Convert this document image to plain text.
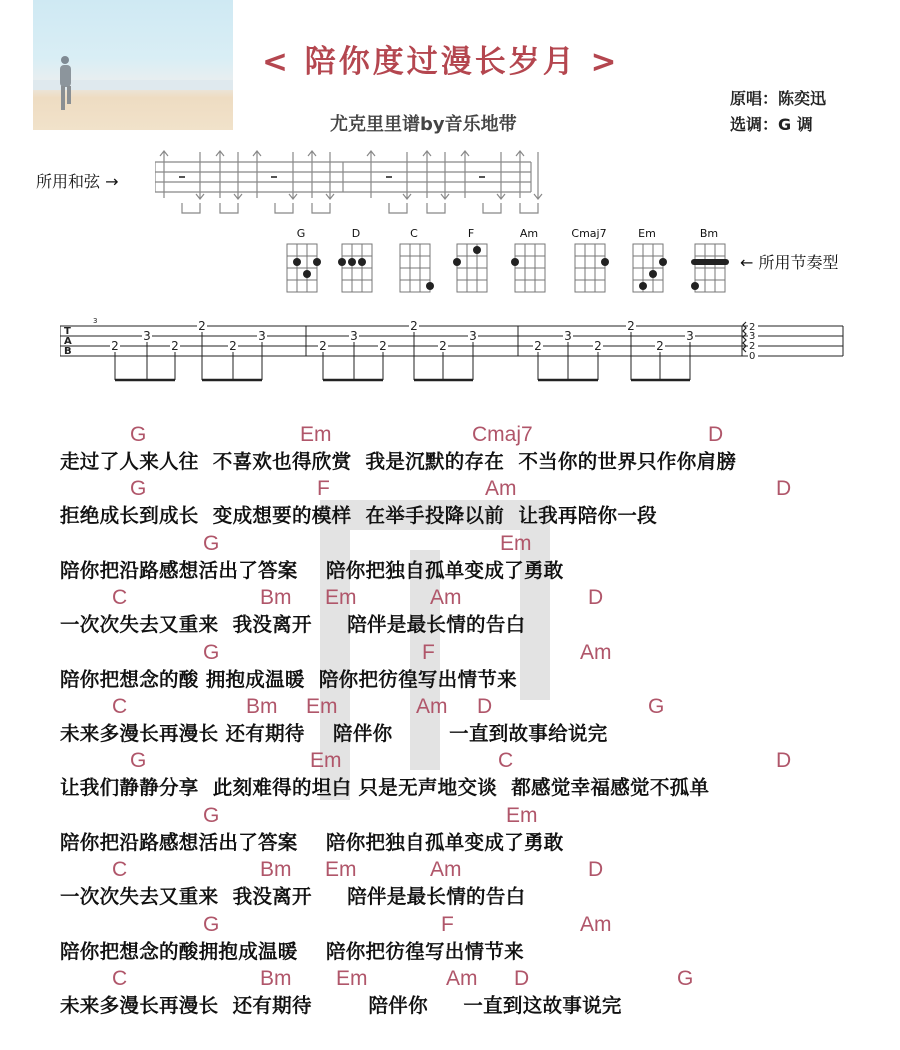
< 陪你度过漫长岁月 >
尤克里里谱by音乐地带
原唱：陈奕迅
选调：G 调
所用和弦 →
← 所用节奏型
G	D	C	F	Am	Cmaj7	Em	Bm
T
A
B
3
2
3
2
2
2
3
2
3
2
2
2
3
2
3
2
2
2
3
2
3
2
0
G	Em	Cmaj7	D
走过了人来人往  不喜欢也得欣赏  我是沉默的存在  不当你的世界只作你肩膀
G	F	Am	D
拒绝成长到成长  变成想要的模样  在举手投降以前  让我再陪你一段
G	Em
陪你把沿路感想活出了答案    陪你把独自孤单变成了勇敢
C	Bm Em	Am	D
一次次失去又重来  我没离开     陪伴是最长情的告白
G	F	Am
陪你把想念的酸 拥抱成温暖  陪你把彷徨写出情节来
C	Bm Em	Am D	G
未来多漫长再漫长 还有期待    陪伴你        一直到故事给说完
G	Em	C	D
让我们静静分享  此刻难得的坦白 只是无声地交谈  都感觉幸福感觉不孤单
G	Em
陪你把沿路感想活出了答案    陪你把独自孤单变成了勇敢
C	Bm Em	Am	D
一次次失去又重来  我没离开     陪伴是最长情的告白
G	F	Am
陪你把想念的酸拥抱成温暖    陪你把彷徨写出情节来
C	Bm Em	Am D	G
未来多漫长再漫长  还有期待        陪伴你     一直到这故事说完
